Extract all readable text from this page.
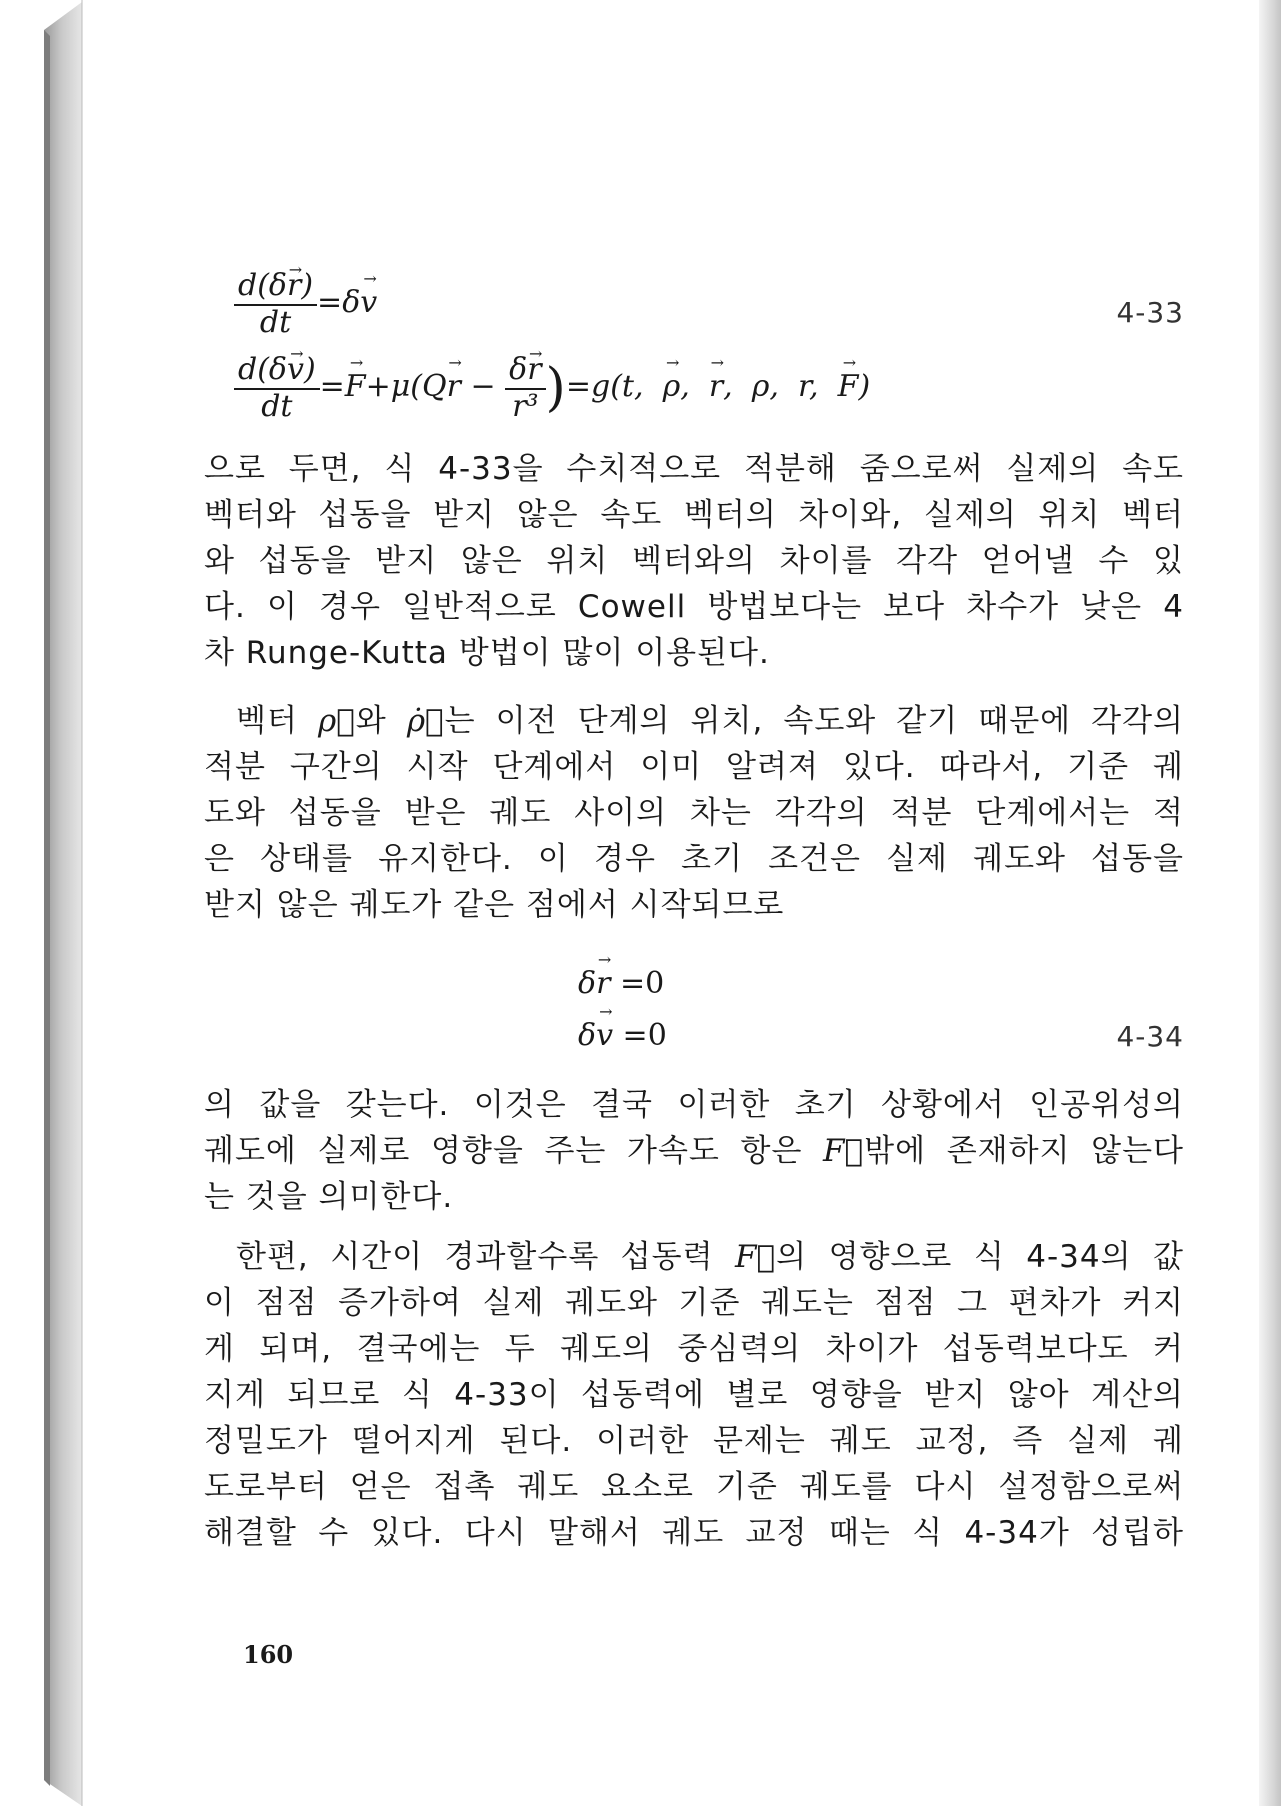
$\frac{d(\delta r \to)}{dt} =\delta v$ →	4-33
$\frac{d(\delta v \to)}{dt} =F \to+\mu(Qr$ → − $\frac{\delta r \to}{\text{r³}} )=g(t$,  ρ →,  r →,  ρ,  r,  F →)
으로 두면, 식 4-33을 수치적으로 적분해 줌으로써 실제의 속도
벡터와 섭동을 받지 않은 속도 벡터의 차이와, 실제의 위치 벡터
와 섭동을 받지 않은 위치 벡터와의 차이를 각각 얻어낼 수 있
다. 이 경우 일반적으로 Cowell 방법보다는 보다 차수가 낮은 4
차 Runge-Kutta 방법이 많이 이용된다.
벡터 ρ⃗와 ρ̇⃗는 이전 단계의 위치, 속도와 같기 때문에 각각의
적분 구간의 시작 단계에서 이미 알려져 있다. 따라서, 기준 궤
도와 섭동을 받은 궤도 사이의 차는 각각의 적분 단계에서는 적
은 상태를 유지한다. 이 경우 초기 조건은 실제 궤도와 섭동을
받지 않은 궤도가 같은 점에서 시작되므로
δr → =0
δv → =0	4-34
의 값을 갖는다. 이것은 결국 이러한 초기 상황에서 인공위성의
궤도에 실제로 영향을 주는 가속도 항은 F⃗밖에 존재하지 않는다
는 것을 의미한다.
한편, 시간이 경과할수록 섭동력 F⃗의 영향으로 식 4-34의 값
이 점점 증가하여 실제 궤도와 기준 궤도는 점점 그 편차가 커지
게 되며, 결국에는 두 궤도의 중심력의 차이가 섭동력보다도 커
지게 되므로 식 4-33이 섭동력에 별로 영향을 받지 않아 계산의
정밀도가 떨어지게 된다. 이러한 문제는 궤도 교정, 즉 실제 궤
도로부터 얻은 접촉 궤도 요소로 기준 궤도를 다시 설정함으로써
해결할 수 있다. 다시 말해서 궤도 교정 때는 식 4-34가 성립하
160
